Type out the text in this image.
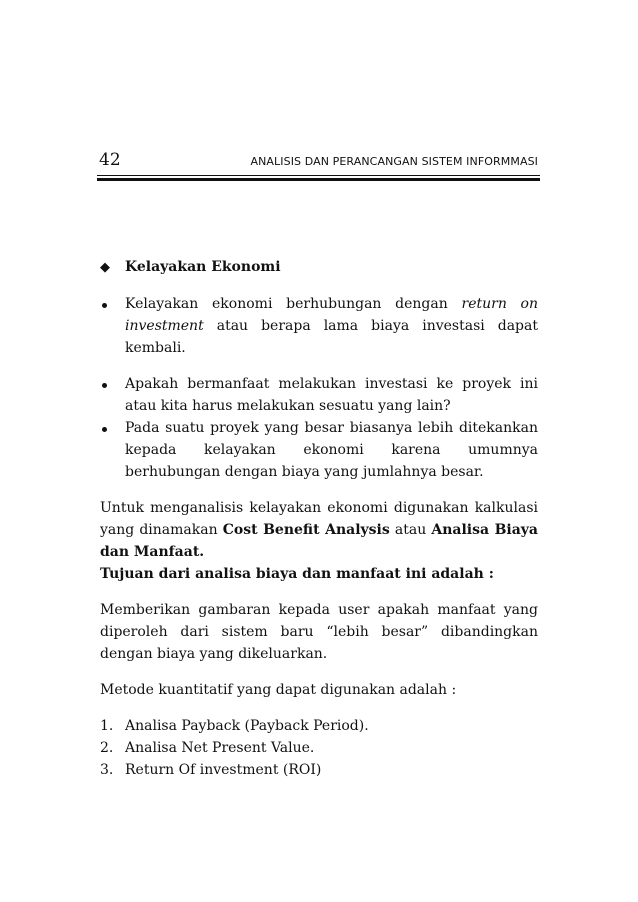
42	ANALISIS DAN PERANCANGAN SISTEM INFORMMASI
◆	Kelayakan Ekonomi
Kelayakan ekonomi berhubungan dengan return on investment atau berapa lama biaya investasi dapat kembali.
Apakah bermanfaat melakukan investasi ke proyek ini atau kita harus melakukan sesuatu yang lain?
Pada suatu proyek yang besar biasanya lebih ditekankan kepada kelayakan ekonomi karena umumnya berhubungan dengan biaya yang jumlahnya besar.

Untuk menganalisis kelayakan ekonomi digunakan kalkulasi yang dinamakan Cost Benefit Analysis atau Analisa Biaya dan Manfaat.

Tujuan dari analisa biaya dan manfaat ini adalah :

Memberikan gambaran kepada user apakah manfaat yang diperoleh dari sistem baru “lebih besar” dibandingkan dengan biaya yang dikeluarkan.

Metode kuantitatif yang dapat digunakan adalah :

1. Analisa Payback (Payback Period).
2. Analisa Net Present Value.
3. Return Of investment (ROI)
